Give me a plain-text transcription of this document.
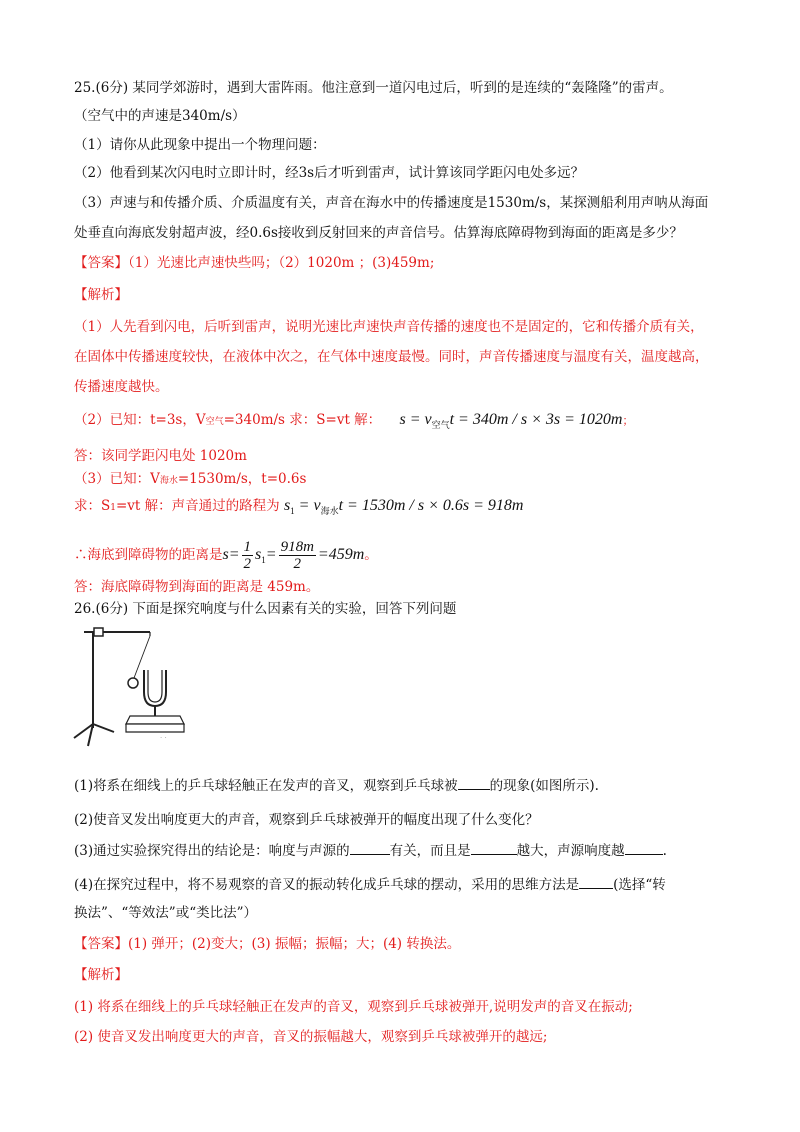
25.(6分) 某同学郊游时，遇到大雷阵雨。他注意到一道闪电过后，听到的是连续的“轰隆隆”的雷声。
（空气中的声速是340m/s）
（1）请你从此现象中提出一个物理问题：
（2）他看到某次闪电时立即计时，经3s后才听到雷声，试计算该同学距闪电处多远？
（3）声速与和传播介质、介质温度有关，声音在海水中的传播速度是1530m/s，某探测船利用声呐从海面
处垂直向海底发射超声波，经0.6s接收到反射回来的声音信号。估算海底障碍物到海面的距离是多少？
【答案】（1）光速比声速快些吗；（2）1020m ；(3)459m;
【解析】
（1）人先看到闪电，后听到雷声，说明光速比声速快声音传播的速度也不是固定的，它和传播介质有关，
在固体中传播速度较快，在液体中次之，在气体中速度最慢。同时，声音传播速度与温度有关，温度越高，
传播速度越快。
（2）已知：t=3s，V空气=340m/s 求：S=vt 解： $s = v_{空气}t = 340m / s \times 3s = 1020m$；
答：该同学距闪电处 1020m
（3）已知：V海水=1530m/s，t=0.6s
求：S1=vt 解：声音通过的路程为 $s_1 = v_{海水}t = 1530m / s \times 0.6s = 918m$
∴海底到障碍物的距离是$s= \frac{1}{2} s_1= \frac{918m}{2} =459m$。
答：海底障碍物到海面的距离是 459m。
26.(6分) 下面是探究响度与什么因素有关的实验，回答下列问题
· ·
(1)将系在细线上的乒乓球轻触正在发声的音叉，观察到乒乓球被 的现象(如图所示).
(2)使音叉发出响度更大的声音，观察到乒乓球被弹开的幅度出现了什么变化？
(3)通过实验探究得出的结论是：响度与声源的	有关，而且是	越大，声源响度越	.
(4)在探究过程中，将不易观察的音叉的振动转化成乒乓球的摆动，采用的思维方法是	(选择“转
换法”、“等效法”或“类比法”）
【答案】(1) 弹开；(2)变大；(3) 振幅；振幅；大；(4) 转换法。
【解析】
(1) 将系在细线上的乒乓球轻触正在发声的音叉，观察到乒乓球被弹开,说明发声的音叉在振动;
(2) 使音叉发出响度更大的声音，音叉的振幅越大，观察到乒乓球被弹开的越远;
